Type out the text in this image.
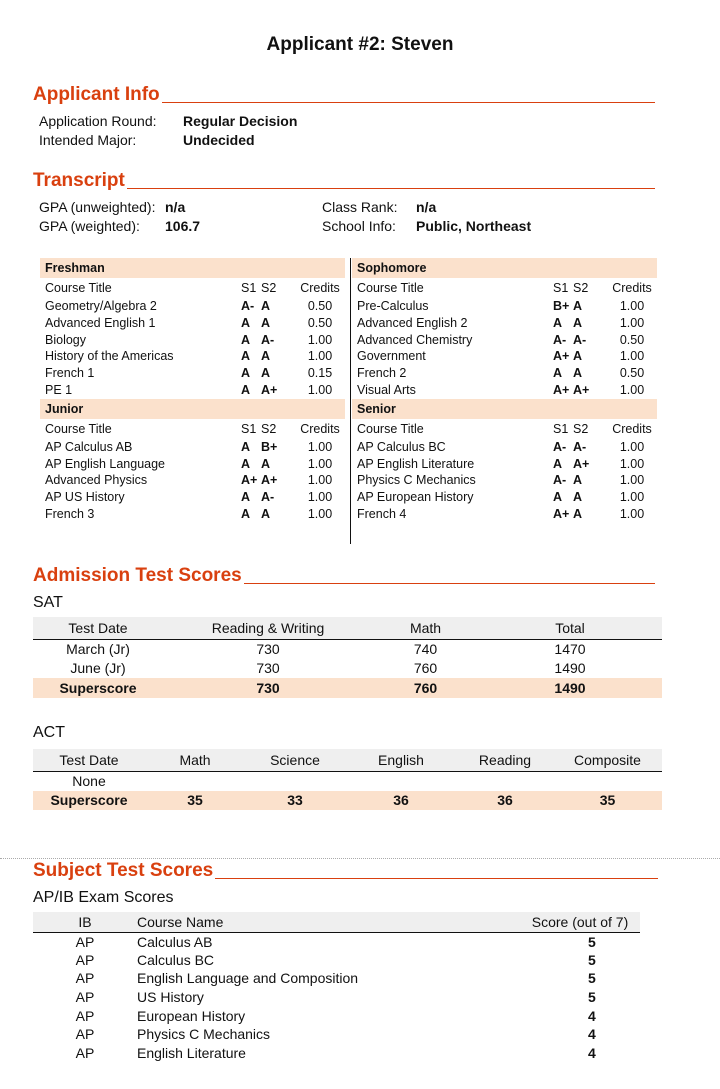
Applicant #2: Steven
Applicant Info
Application Round: Regular Decision
Intended Major:	Undecided
Transcript
GPA (unweighted): n/a
GPA (weighted): 106.7
Class Rank: n/a
School Info: Public, Northeast
Freshman
Course Title	S1 S2	Credits
Geometry/Algebra 2	A- A	0.50
Advanced English 1	A A	0.50
Biology	A A-	1.00
History of the Americas	A A	1.00
French 1	A A	0.15
PE 1	A A+	1.00
Junior
Course Title	S1 S2	Credits
AP Calculus AB	A B+	1.00
AP English Language	A A	1.00
Advanced Physics	A+ A+	1.00
AP US History	A A-	1.00
French 3	A A	1.00
Sophomore
Course Title	S1 S2	Credits
Pre-Calculus	B+ A	1.00
Advanced English 2	A A	1.00
Advanced Chemistry	A- A-	0.50
Government	A+ A	1.00
French 2	A A	0.50
Visual Arts	A+ A+	1.00
Senior
Course Title	S1 S2	Credits
AP Calculus BC	A- A-	1.00
AP English Literature	A A+	1.00
Physics C Mechanics	A- A	1.00
AP European History	A A	1.00
French 4	A+ A	1.00
Admission Test Scores
SAT
Test Date	Reading & Writing	Math	Total
March (Jr)	730	740	1470
June (Jr)	730	760	1490
Superscore	730	760	1490
ACT
Test Date	Math	Science	English	Reading	Composite
None					
Superscore	35	33	36	36	35
Subject Test Scores
AP/IB Exam Scores
IB	Course Name	Score (out of 7)
AP	Calculus AB	5
AP	Calculus BC	5
AP	English Language and Composition	5
AP	US History	5
AP	European History	4
AP	Physics C Mechanics	4
AP	English Literature	4
